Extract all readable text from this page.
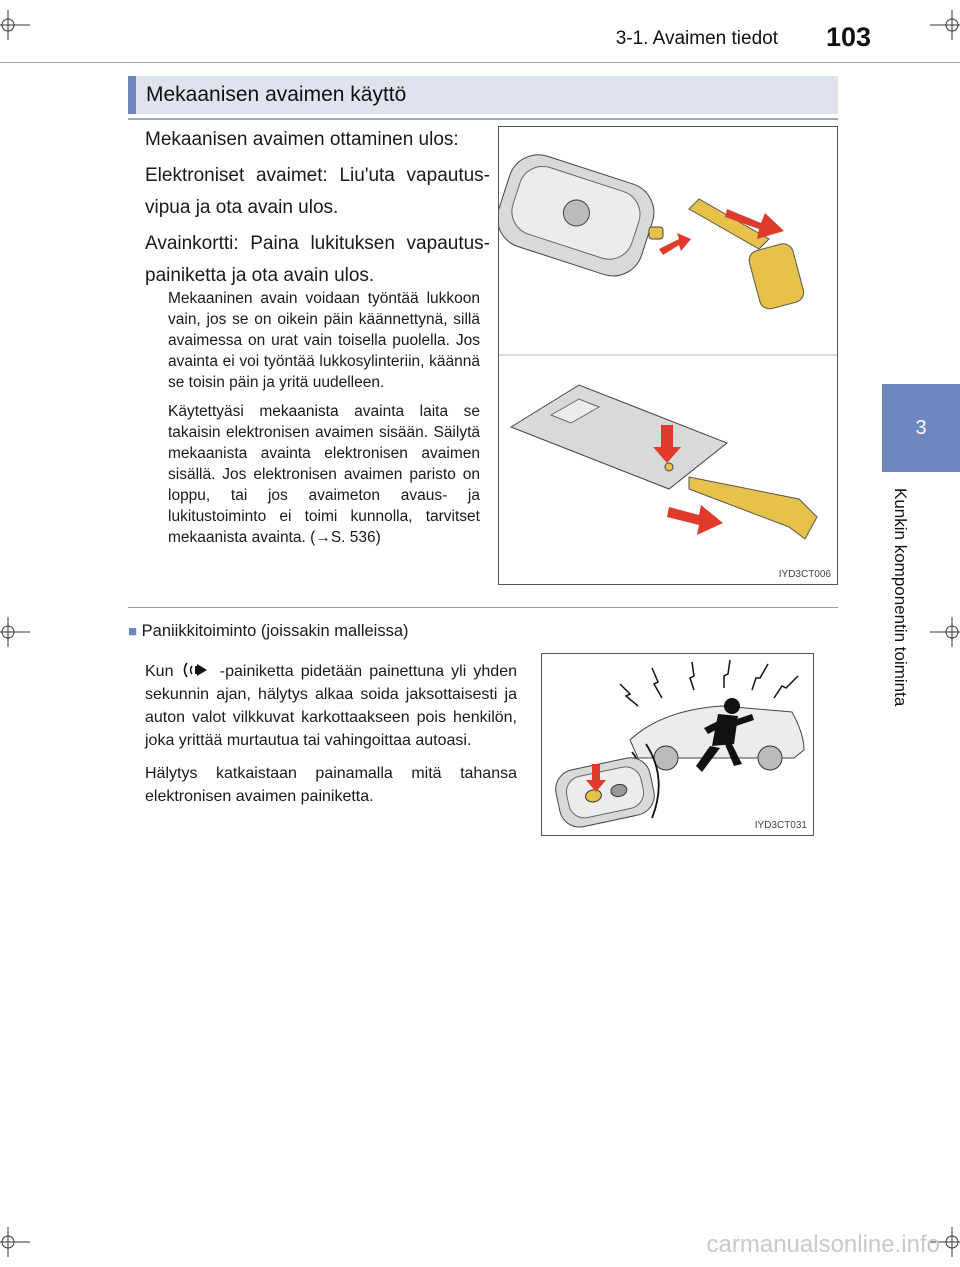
3-1. Avaimen tiedot 103
3
Kunkin komponentin toiminta
Mekaanisen avaimen käyttö

Mekaanisen avaimen ottaminen ulos:

Elektroniset avaimet: Liu'uta vapautus-vipua ja ota avain ulos.

Avainkortti: Paina lukituksen vapautus-painiketta ja ota avain ulos.

Mekaaninen avain voidaan työntää lukkoon vain, jos se on oikein päin käännettynä, sillä avaimessa on urat vain toisella puolella. Jos avainta ei voi työntää lukkosylinteriin, käännä se toisin päin ja yritä uudelleen.

Käytettyäsi mekaanista avainta laita se takaisin elektronisen avaimen sisään. Säilytä mekaanista avainta elektronisen avaimen sisällä. Jos elektronisen avaimen paristo on loppu, tai jos avaimeton avaus- ja lukitustoiminto ei toimi kunnolla, tarvitset mekaanista avainta. (→S. 536)

IYD3CT006
■ Paniikkitoiminto (joissakin malleissa)

Kun	-painiketta pidetään painettuna yli yhden sekunnin ajan, hälytys alkaa soida jaksottaisesti ja auton valot vilkkuvat karkottaakseen pois henkilön, joka yrittää murtautua tai vahingoittaa autoasi.

Hälytys katkaistaan painamalla mitä tahansa elektronisen avaimen painiketta.

IYD3CT031
carmanualsonline.info
